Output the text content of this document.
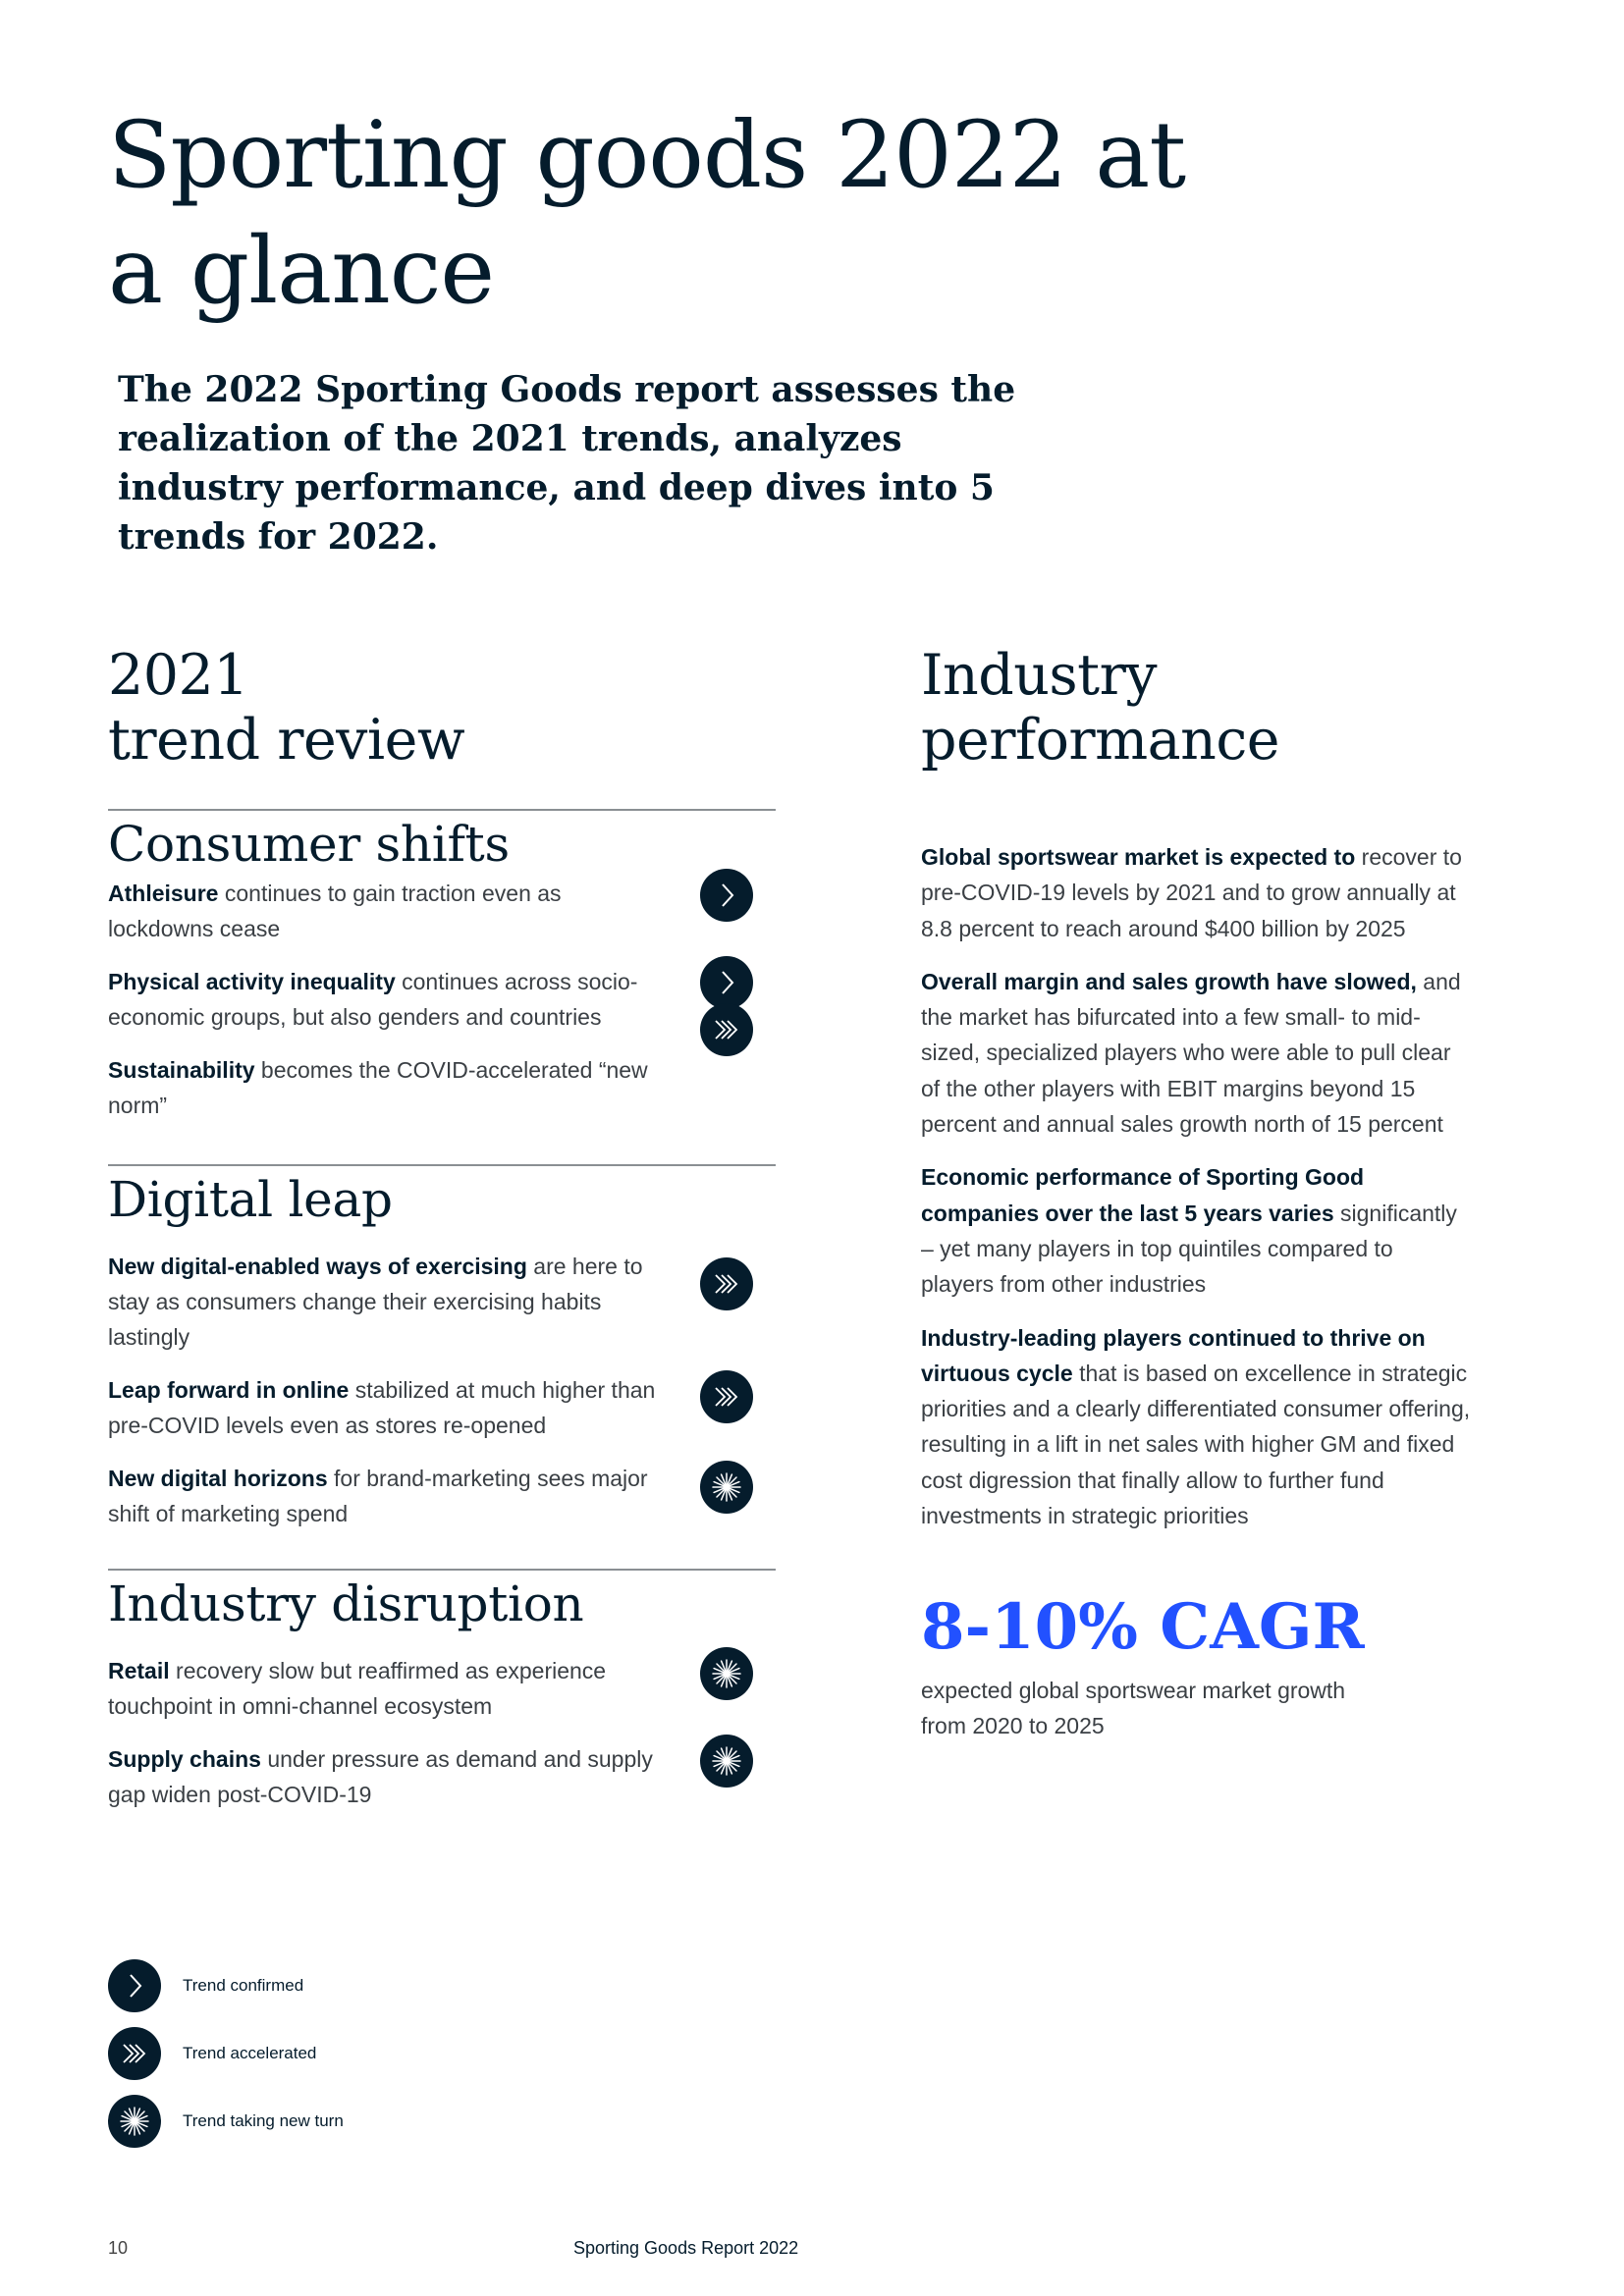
Sporting goods 2022 at a glance

The 2022 Sporting Goods report assesses the realization of the 2021 trends, analyzes industry performance, and deep dives into 5 trends for 2022.

2021
trend review
Consumer shifts

Athleisure continues to gain traction even as lockdowns cease

Physical activity inequality continues across socio-economic groups, but also genders and countries

Sustainability becomes the COVID-accelerated “new norm”

Digital leap

New digital-enabled ways of exercising are here to stay as consumers change their exercising habits lastingly

Leap forward in online stabilized at much higher than pre-COVID levels even as stores re-opened

New digital horizons for brand-marketing sees major shift of marketing spend

Industry disruption

Retail recovery slow but reaffirmed as experience touchpoint in omni-channel ecosystem

Supply chains under pressure as demand and supply gap widen post-COVID-19

Trend confirmed
Trend accelerated
Trend taking new turn
Industry
performance

Global sportswear market is expected to recover to pre-COVID-19 levels by 2021 and to grow annually at 8.8 percent to reach around $400 billion by 2025

Overall margin and sales growth have slowed, and the market has bifurcated into a few small- to mid-sized, specialized players who were able to pull clear of the other players with EBIT margins beyond 15 percent and annual sales growth north of 15 percent

Economic performance of Sporting Good companies over the last 5 years varies significantly – yet many players in top quintiles compared to players from other industries

Industry-leading players continued to thrive on virtuous cycle that is based on excellence in strategic priorities and a clearly differentiated consumer offering, resulting in a lift in net sales with higher GM and fixed cost digression that finally allow to further fund investments in strategic priorities

8-10% CAGR

expected global sportswear market growth from 2020 to 2025

10	Sporting Goods Report 2022
